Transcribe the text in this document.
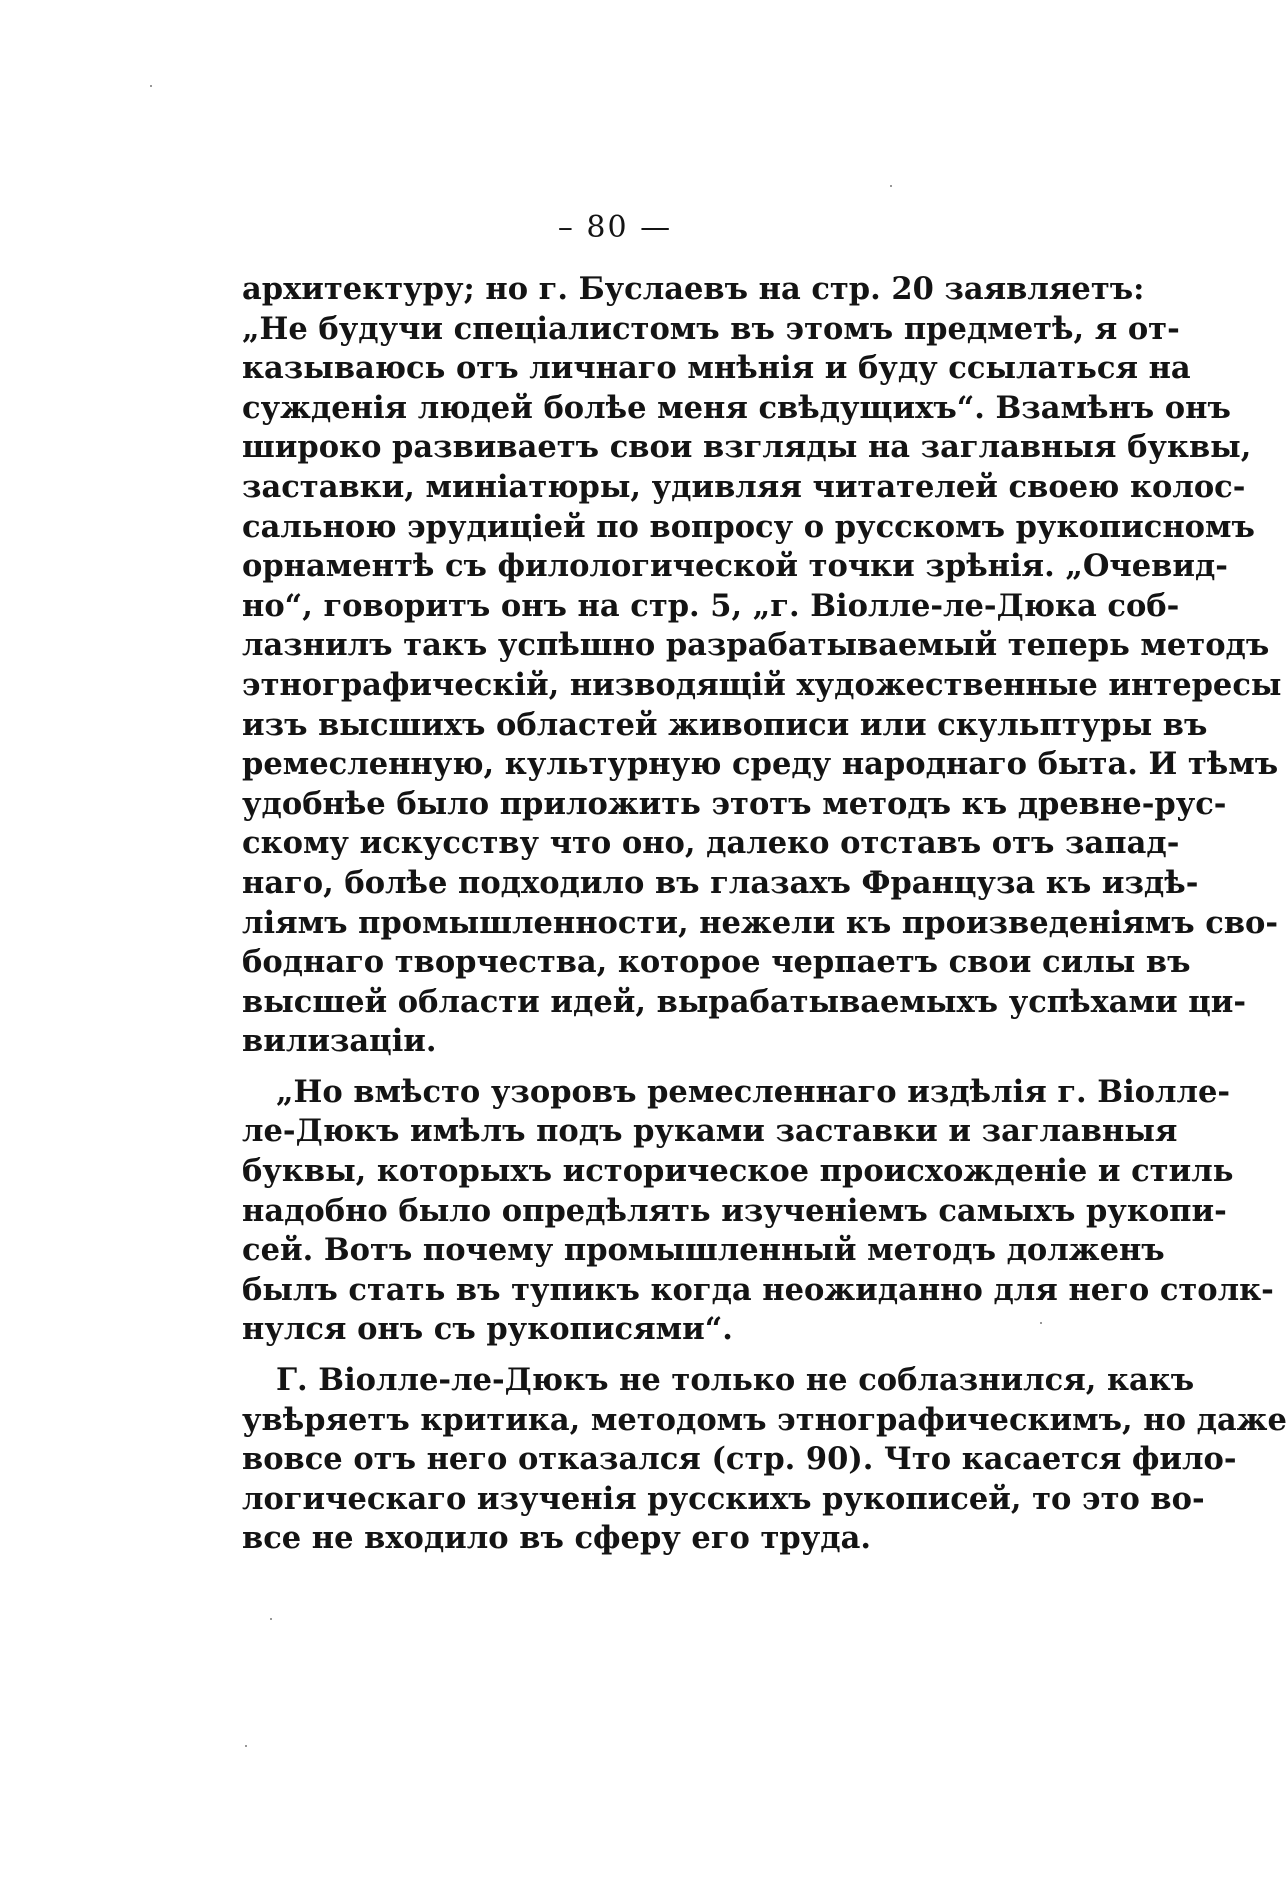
– 80 —
архитектуру; но г. Буслаевъ на стр. 20 заявляетъ:
„Не будучи спеціалистомъ въ этомъ предметѣ, я от-
казываюсь отъ личнаго мнѣнія и буду ссылаться на
сужденія людей болѣе меня свѣдущихъ“. Взамѣнъ онъ
широко развиваетъ свои взгляды на заглавныя буквы,
заставки, миніатюры, удивляя читателей своею колос-
сальною эрудиціей по вопросу о русскомъ рукописномъ
орнаментѣ съ филологической точки зрѣнія. „Очевид-
но“, говоритъ онъ на стр. 5, „г. Віолле-ле-Дюка соб-
лазнилъ такъ успѣшно разрабатываемый теперь методъ
этнографическій, низводящій художественные интересы
изъ высшихъ областей живописи или скульптуры въ
ремесленную, культурную среду народнаго быта. И тѣмъ
удобнѣе было приложить этотъ методъ къ древне-рус-
скому искусству что оно, далеко отставъ отъ запад-
наго, болѣе подходило въ глазахъ Француза къ издѣ-
ліямъ промышленности, нежели къ произведеніямъ сво-
боднаго творчества, которое черпаетъ свои силы въ
высшей области идей, вырабатываемыхъ успѣхами ци-
вилизаціи.
„Но вмѣсто узоровъ ремесленнаго издѣлія г. Віолле-
ле-Дюкъ имѣлъ подъ руками заставки и заглавныя
буквы, которыхъ историческое происхожденіе и стиль
надобно было опредѣлять изученіемъ самыхъ рукопи-
сей. Вотъ почему промышленный методъ долженъ
былъ стать въ тупикъ когда неожиданно для него столк-
нулся онъ съ рукописями“.
Г. Віолле-ле-Дюкъ не только не соблазнился, какъ
увѣряетъ критика, методомъ этнографическимъ, но даже
вовсе отъ него отказался (стр. 90). Что касается фило-
логическаго изученія русскихъ рукописей, то это во-
все не входило въ сферу его труда.
